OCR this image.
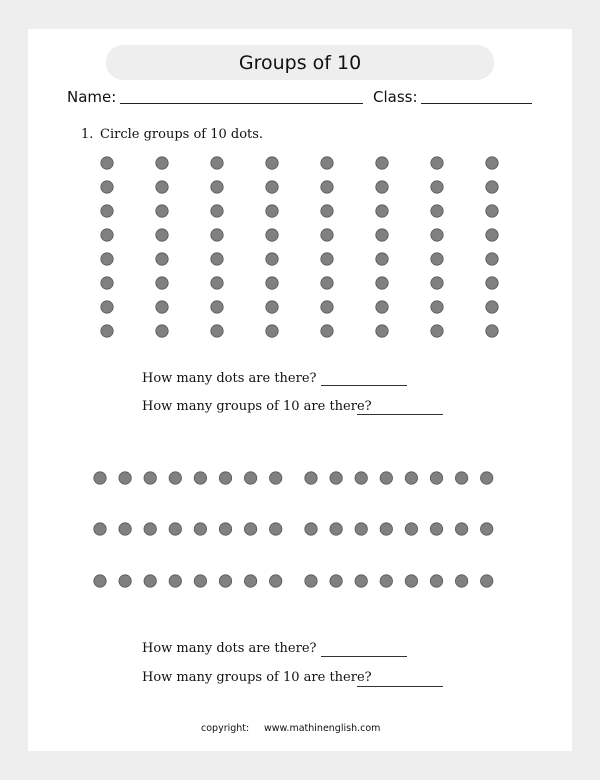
Groups of 10
Name:	Class:
1. Circle groups of 10 dots.
How many dots are there?
How many groups of 10 are there?
How many dots are there?
How many groups of 10 are there?
copyright: www.mathinenglish.com
